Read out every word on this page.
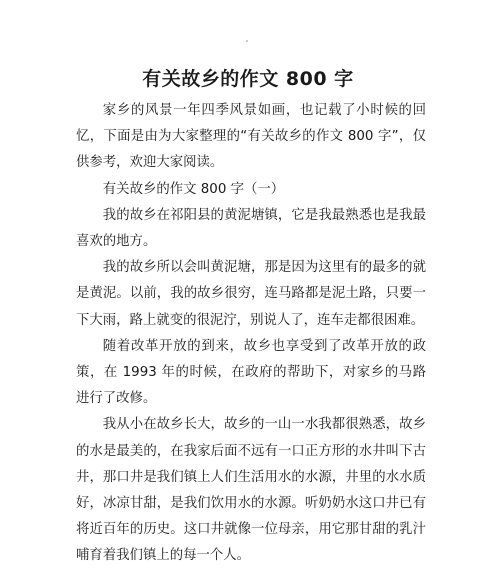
有关故乡的作文 800 字

家乡的风景一年四季风景如画，也记载了小时候的回忆，下面是由为大家整理的“有关故乡的作文 800 字”，仅供参考，欢迎大家阅读。

有关故乡的作文 800 字（一）

我的故乡在祁阳县的黄泥塘镇，它是我最熟悉也是我最喜欢的地方。

我的故乡所以会叫黄泥塘，那是因为这里有的最多的就是黄泥。以前，我的故乡很穷，连马路都是泥土路，只要一下大雨，路上就变的很泥泞，别说人了，连车走都很困难。

随着改革开放的到来，故乡也享受到了改革开放的政策，在 1993 年的时候，在政府的帮助下，对家乡的马路进行了改修。

我从小在故乡长大，故乡的一山一水我都很熟悉，故乡的水是最美的，在我家后面不远有一口正方形的水井叫下古井，那口井是我们镇上人们生活用水的水源，井里的水水质好，冰凉甘甜，是我们饮用水的水源。听奶奶水这口井已有将近百年的历史。这口井就像一位母亲，用它那甘甜的乳汁哺育着我们镇上的每一个人。
